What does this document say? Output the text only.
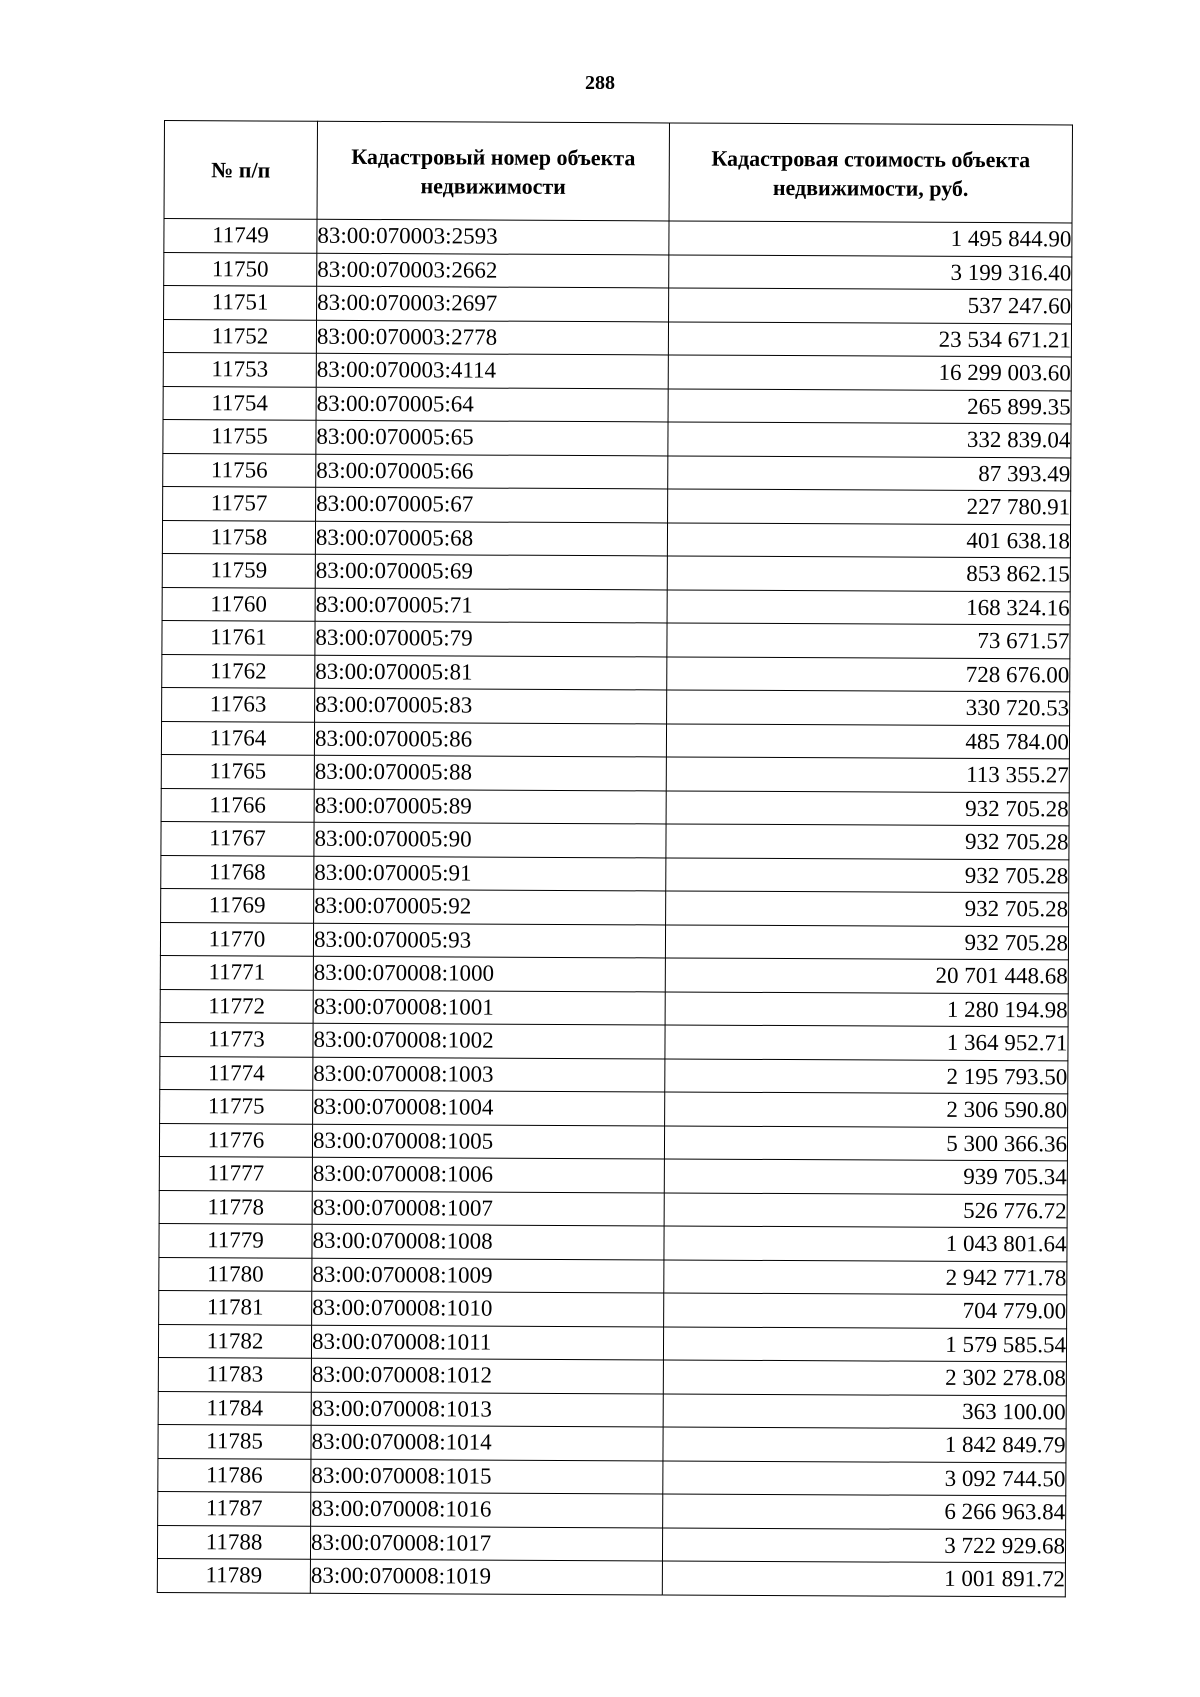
288
№ п/п	Кадастровый номер объекта недвижимости	Кадастровая стоимость объекта недвижимости, руб.
11749	83:00:070003:2593	1 495 844.90
11750	83:00:070003:2662	3 199 316.40
11751	83:00:070003:2697	537 247.60
11752	83:00:070003:2778	23 534 671.21
11753	83:00:070003:4114	16 299 003.60
11754	83:00:070005:64	265 899.35
11755	83:00:070005:65	332 839.04
11756	83:00:070005:66	87 393.49
11757	83:00:070005:67	227 780.91
11758	83:00:070005:68	401 638.18
11759	83:00:070005:69	853 862.15
11760	83:00:070005:71	168 324.16
11761	83:00:070005:79	73 671.57
11762	83:00:070005:81	728 676.00
11763	83:00:070005:83	330 720.53
11764	83:00:070005:86	485 784.00
11765	83:00:070005:88	113 355.27
11766	83:00:070005:89	932 705.28
11767	83:00:070005:90	932 705.28
11768	83:00:070005:91	932 705.28
11769	83:00:070005:92	932 705.28
11770	83:00:070005:93	932 705.28
11771	83:00:070008:1000	20 701 448.68
11772	83:00:070008:1001	1 280 194.98
11773	83:00:070008:1002	1 364 952.71
11774	83:00:070008:1003	2 195 793.50
11775	83:00:070008:1004	2 306 590.80
11776	83:00:070008:1005	5 300 366.36
11777	83:00:070008:1006	939 705.34
11778	83:00:070008:1007	526 776.72
11779	83:00:070008:1008	1 043 801.64
11780	83:00:070008:1009	2 942 771.78
11781	83:00:070008:1010	704 779.00
11782	83:00:070008:1011	1 579 585.54
11783	83:00:070008:1012	2 302 278.08
11784	83:00:070008:1013	363 100.00
11785	83:00:070008:1014	1 842 849.79
11786	83:00:070008:1015	3 092 744.50
11787	83:00:070008:1016	6 266 963.84
11788	83:00:070008:1017	3 722 929.68
11789	83:00:070008:1019	1 001 891.72
